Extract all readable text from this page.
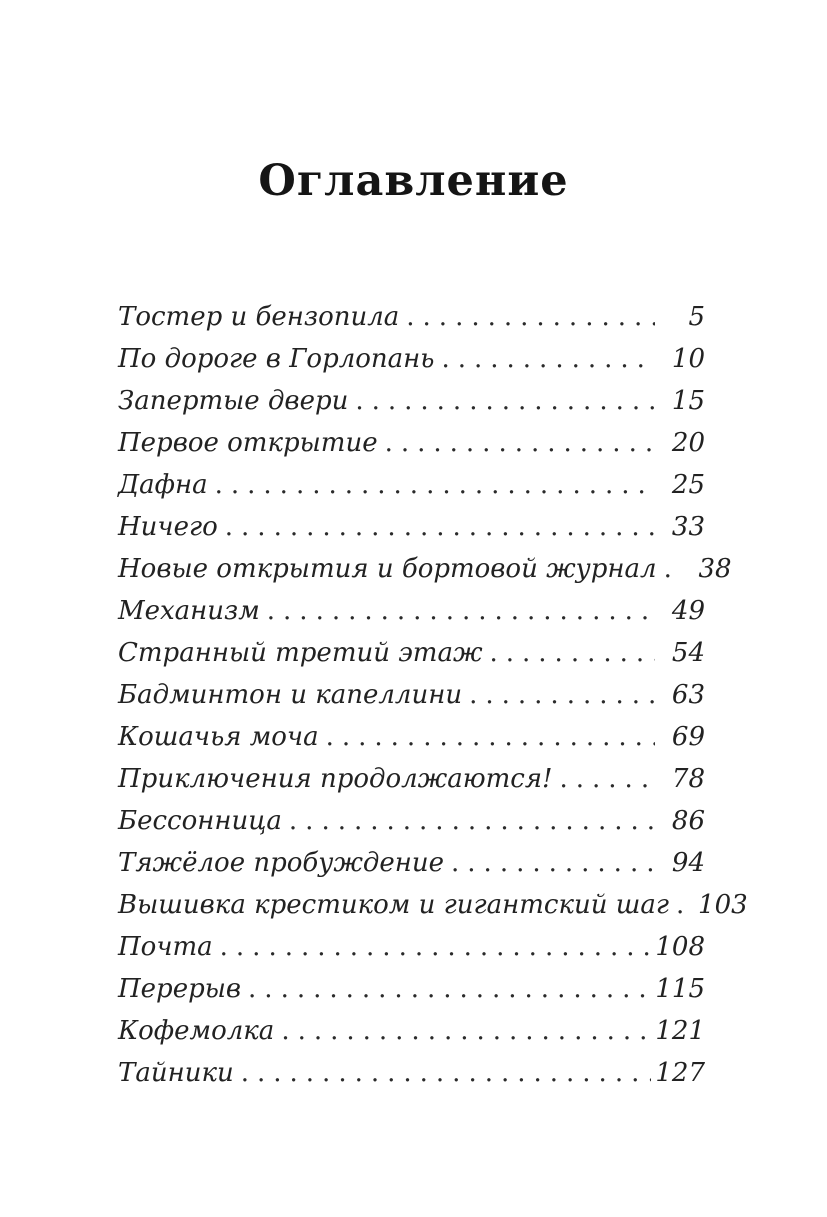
Оглавление
Тостер и бензопила .....	5
По дороге в Горлопань .....	10
Запертые двери .....	15
Первое открытие .....	20
Дафна .....	25
Ничего .....	33
Новые открытия и бортовой журнал .....	38
Механизм .....	49
Странный третий этаж .....	54
Бадминтон и капеллини .....	63
Кошачья моча .....	69
Приключения продолжаются! .....	78
Бессонница .....	86
Тяжёлое пробуждение .....	94
Вышивка крестиком и гигантский шаг ..... 103
Почта .....	108
Перерыв .....	115
Кофемолка .....	121
Тайники .....	127
